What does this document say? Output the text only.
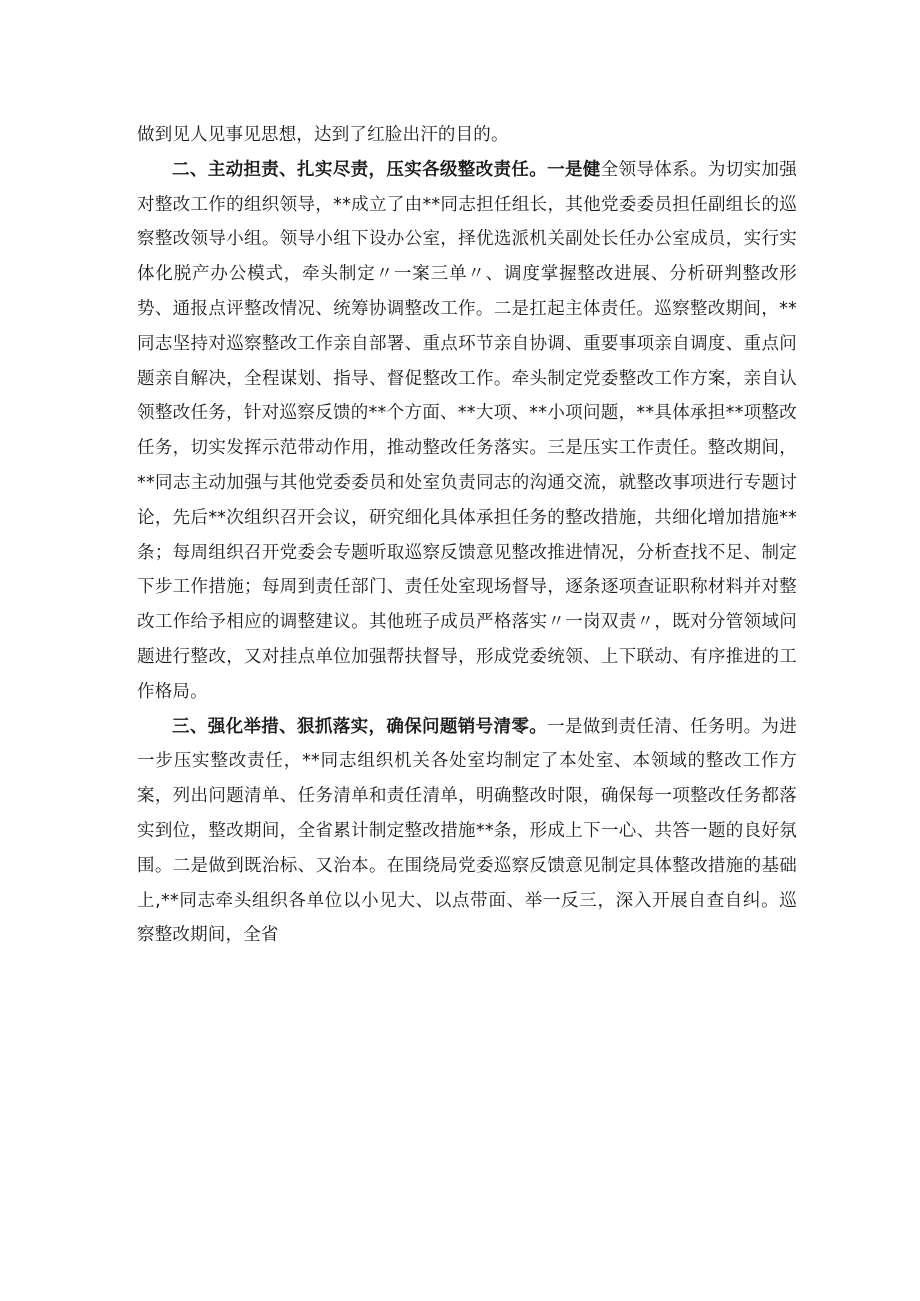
做到见人见事见思想，达到了红脸出汗的目的。

二、主动担责、扎实尽责，压实各级整改责任。一是健全领导体系。为切实加强对整改工作的组织领导，**成立了由**同志担任组长，其他党委委员担任副组长的巡察整改领导小组。领导小组下设办公室，择优选派机关副处长任办公室成员，实行实体化脱产办公模式，牵头制定〃一案三单〃、调度掌握整改进展、分析研判整改形势、通报点评整改情况、统筹协调整改工作。二是扛起主体责任。巡察整改期间，**同志坚持对巡察整改工作亲自部署、重点环节亲自协调、重要事项亲自调度、重点问题亲自解决，全程谋划、指导、督促整改工作。牵头制定党委整改工作方案，亲自认领整改任务，针对巡察反馈的**个方面、**大项、**小项问题，**具体承担**项整改任务，切实发挥示范带动作用，推动整改任务落实。三是压实工作责任。整改期间，**同志主动加强与其他党委委员和处室负责同志的沟通交流，就整改事项进行专题讨论，先后**次组织召开会议，研究细化具体承担任务的整改措施，共细化增加措施**条；每周组织召开党委会专题听取巡察反馈意见整改推进情况，分析查找不足、制定下步工作措施；每周到责任部门、责任处室现场督导，逐条逐项查证职称材料并对整改工作给予相应的调整建议。其他班子成员严格落实〃一岗双责〃，既对分管领域问题进行整改，又对挂点单位加强帮扶督导，形成党委统领、上下联动、有序推进的工作格局。

三、强化举措、狠抓落实，确保问题销号清零。一是做到责任清、任务明。为进一步压实整改责任，**同志组织机关各处室均制定了本处室、本领域的整改工作方案，列出问题清单、任务清单和责任清单，明确整改时限，确保每一项整改任务都落实到位，整改期间，全省累计制定整改措施**条，形成上下一心、共答一题的良好氛围。二是做到既治标、又治本。在围绕局党委巡察反馈意见制定具体整改措施的基础上,**同志牵头组织各单位以小见大、以点带面、举一反三，深入开展自查自纠。巡察整改期间，全省
